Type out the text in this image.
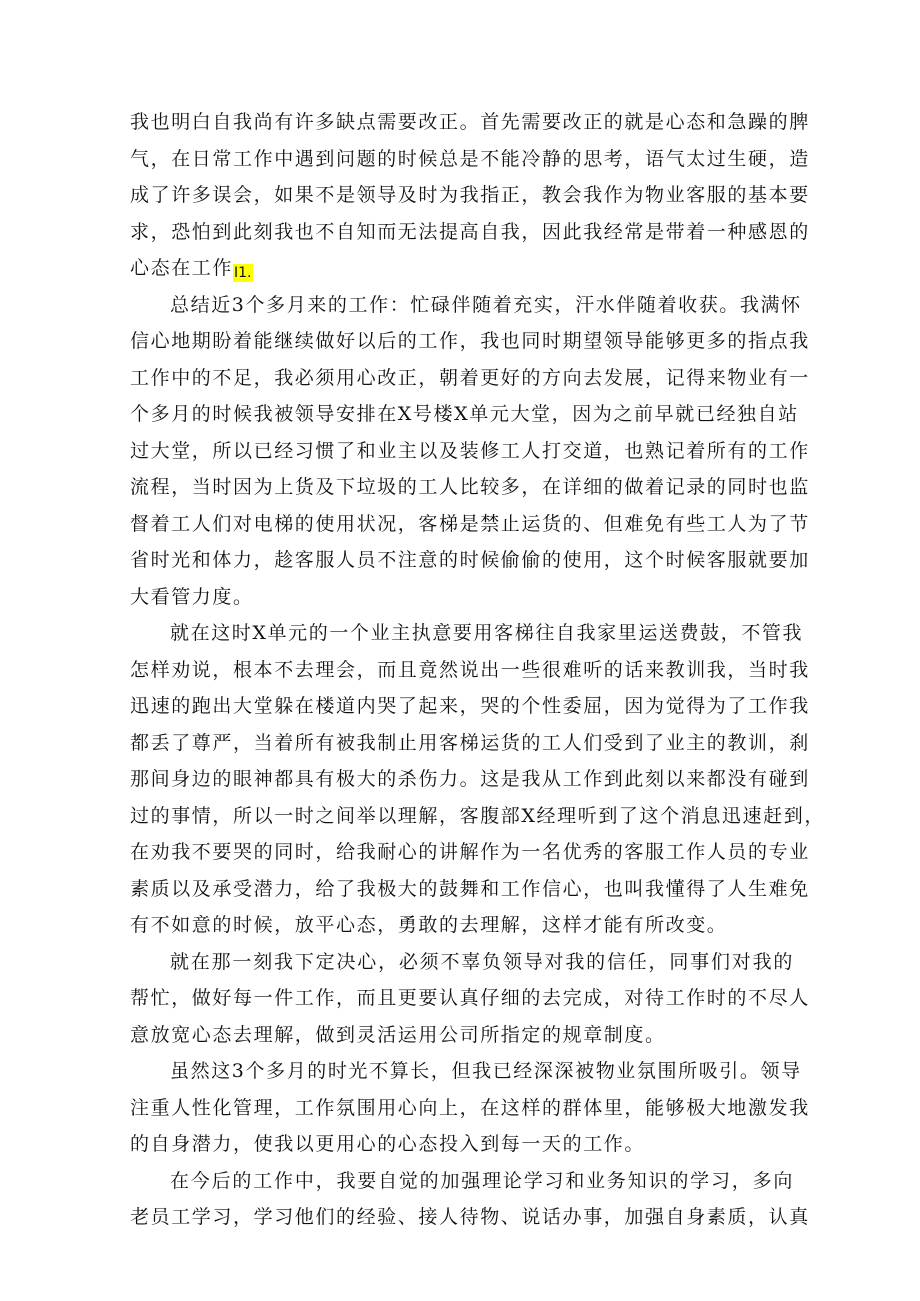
我也明白自我尚有许多缺点需要改正。首先需要改正的就是心态和急躁的脾
气，在日常工作中遇到问题的时候总是不能冷静的思考，语气太过生硬，造
成了许多误会，如果不是领导及时为我指正，教会我作为物业客服的基本要
求，恐怕到此刻我也不自知而无法提高自我，因此我经常是带着一种感恩的
心态在工作I1.
总结近3个多月来的工作：忙碌伴随着充实，汗水伴随着收获。我满怀
信心地期盼着能继续做好以后的工作，我也同时期望领导能够更多的指点我
工作中的不足，我必须用心改正，朝着更好的方向去发展，记得来物业有一
个多月的时候我被领导安排在X号楼X单元大堂，因为之前早就已经独自站
过大堂，所以已经习惯了和业主以及装修工人打交道，也熟记着所有的工作
流程，当时因为上货及下垃圾的工人比较多，在详细的做着记录的同时也监
督着工人们对电梯的使用状况，客梯是禁止运货的、但难免有些工人为了节
省时光和体力，趁客服人员不注意的时候偷偷的使用，这个时候客服就要加
大看管力度。
就在这时X单元的一个业主执意要用客梯往自我家里运送费鼓，不管我
怎样劝说，根本不去理会，而且竟然说出一些很难听的话来教训我，当时我
迅速的跑出大堂躲在楼道内哭了起来，哭的个性委屈，因为觉得为了工作我
都丢了尊严，当着所有被我制止用客梯运货的工人们受到了业主的教训，刹
那间身边的眼神都具有极大的杀伤力。这是我从工作到此刻以来都没有碰到
过的事情，所以一时之间举以理解，客腹部X经理听到了这个消息迅速赶到，
在劝我不要哭的同时，给我耐心的讲解作为一名优秀的客服工作人员的专业
素质以及承受潜力，给了我极大的鼓舞和工作信心，也叫我懂得了人生难免
有不如意的时候，放平心态，勇敢的去理解，这样才能有所改变。
就在那一刻我下定决心，必须不辜负领导对我的信任，同事们对我的
帮忙，做好每一件工作，而且更要认真仔细的去完成，对待工作时的不尽人
意放宽心态去理解，做到灵活运用公司所指定的规章制度。
虽然这3个多月的时光不算长，但我已经深深被物业氛围所吸引。领导
注重人性化管理，工作氛围用心向上，在这样的群体里，能够极大地激发我
的自身潜力，使我以更用心的心态投入到每一天的工作。
在今后的工作中，我要自觉的加强理论学习和业务知识的学习，多向
老员工学习，学习他们的经验、接人待物、说话办事，加强自身素质，认真
